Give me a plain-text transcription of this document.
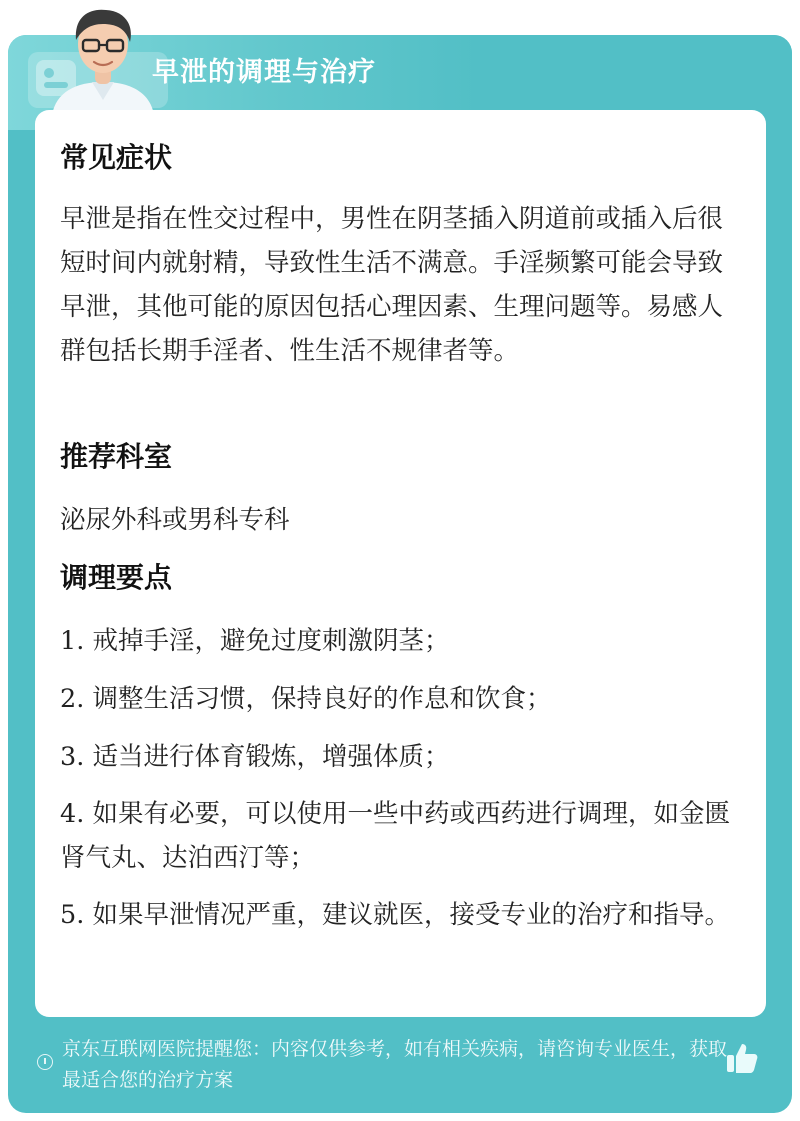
早泄的调理与治疗
常见症状
早泄是指在性交过程中，男性在阴茎插入阴道前或插入后很短时间内就射精，导致性生活不满意。手淫频繁可能会导致早泄，其他可能的原因包括心理因素、生理问题等。易感人群包括长期手淫者、性生活不规律者等。
推荐科室
泌尿外科或男科专科
调理要点
1. 戒掉手淫，避免过度刺激阴茎；
2. 调整生活习惯，保持良好的作息和饮食；
3. 适当进行体育锻炼，增强体质；
4. 如果有必要，可以使用一些中药或西药进行调理，如金匮肾气丸、达泊西汀等；
5. 如果早泄情况严重，建议就医，接受专业的治疗和指导。
京东互联网医院提醒您：内容仅供参考，如有相关疾病，请咨询专业医生，获取最适合您的治疗方案
